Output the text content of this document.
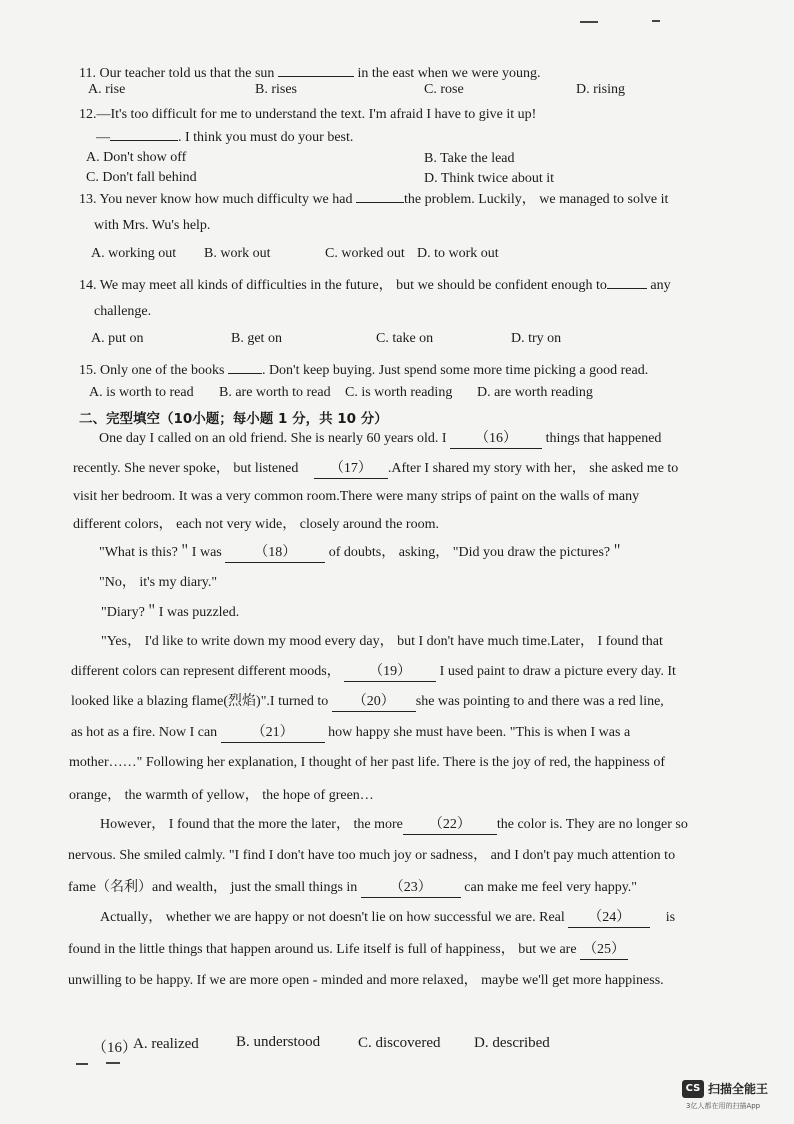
11. Our teacher told us that the sun	in the east when we were young.
A. rise	B. rises	C. rose	D. rising
12.—It's too difficult for me to understand the text. I'm afraid I have to give it up!
—	. I think you must do your best.
A. Don't show off	B. Take the lead
C. Don't fall behind	D. Think twice about it
13. You never know how much difficulty we had	the problem. Luckily， we managed to solve it
with Mrs. Wu's help.
A. working out B. work out	C. worked out D. to work out
14. We may meet all kinds of difficulties in the future， but we should be confident enough to	any
challenge.
A. put on	B. get on	C. take on	D. try on
15. Only one of the books	. Don't keep buying. Just spend some more time picking a good read.
A. is worth to read B. are worth to read C. is worth reading D. are worth reading
二、完型填空（10小题；每小题 1 分，共 10 分）
One day I called on an old friend. She is nearly 60 years old. I （16） things that happened
recently. She never spoke， but listened （17） .After I shared my story with her， she asked me to
visit her bedroom. It was a very common room.There were many strips of paint on the walls of many
different colors， each not very wide， closely around the room.
"What is this?＂I was （18） of doubts， asking， "Did you draw the pictures?＂
"No， it's my diary."
"Diary?＂I was puzzled.
"Yes， I'd like to write down my mood every day， but I don't have much time.Later， I found that
different colors can represent different moods， （19） I used paint to draw a picture every day. It
looked like a blazing flame(烈焰)".I turned to （20） she was pointing to and there was a red line,
as hot as a fire. Now I can （21） how happy she must have been. "This is when I was a
mother……" Following her explanation, I thought of her past life. There is the joy of red, the happiness of
orange， the warmth of yellow， the hope of green…
However， I found that the more the later， the more （22） the color is. They are no longer so
nervous. She smiled calmly. "I find I don't have too much joy or sadness， and I don't pay much attention to
fame（名利）and wealth， just the small things in （23） can make me feel very happy."
Actually， whether we are happy or not doesn't lie on how successful we are. Real （24）	is
found in the little things that happen around us. Life itself is full of happiness， but we are （25）
unwilling to be happy. If we are more open - minded and more relaxed， maybe we'll get more happiness.
（16）
A. realized B. understood	C. discovered D. described
CS 扫描全能王
3亿人都在用的扫描App
